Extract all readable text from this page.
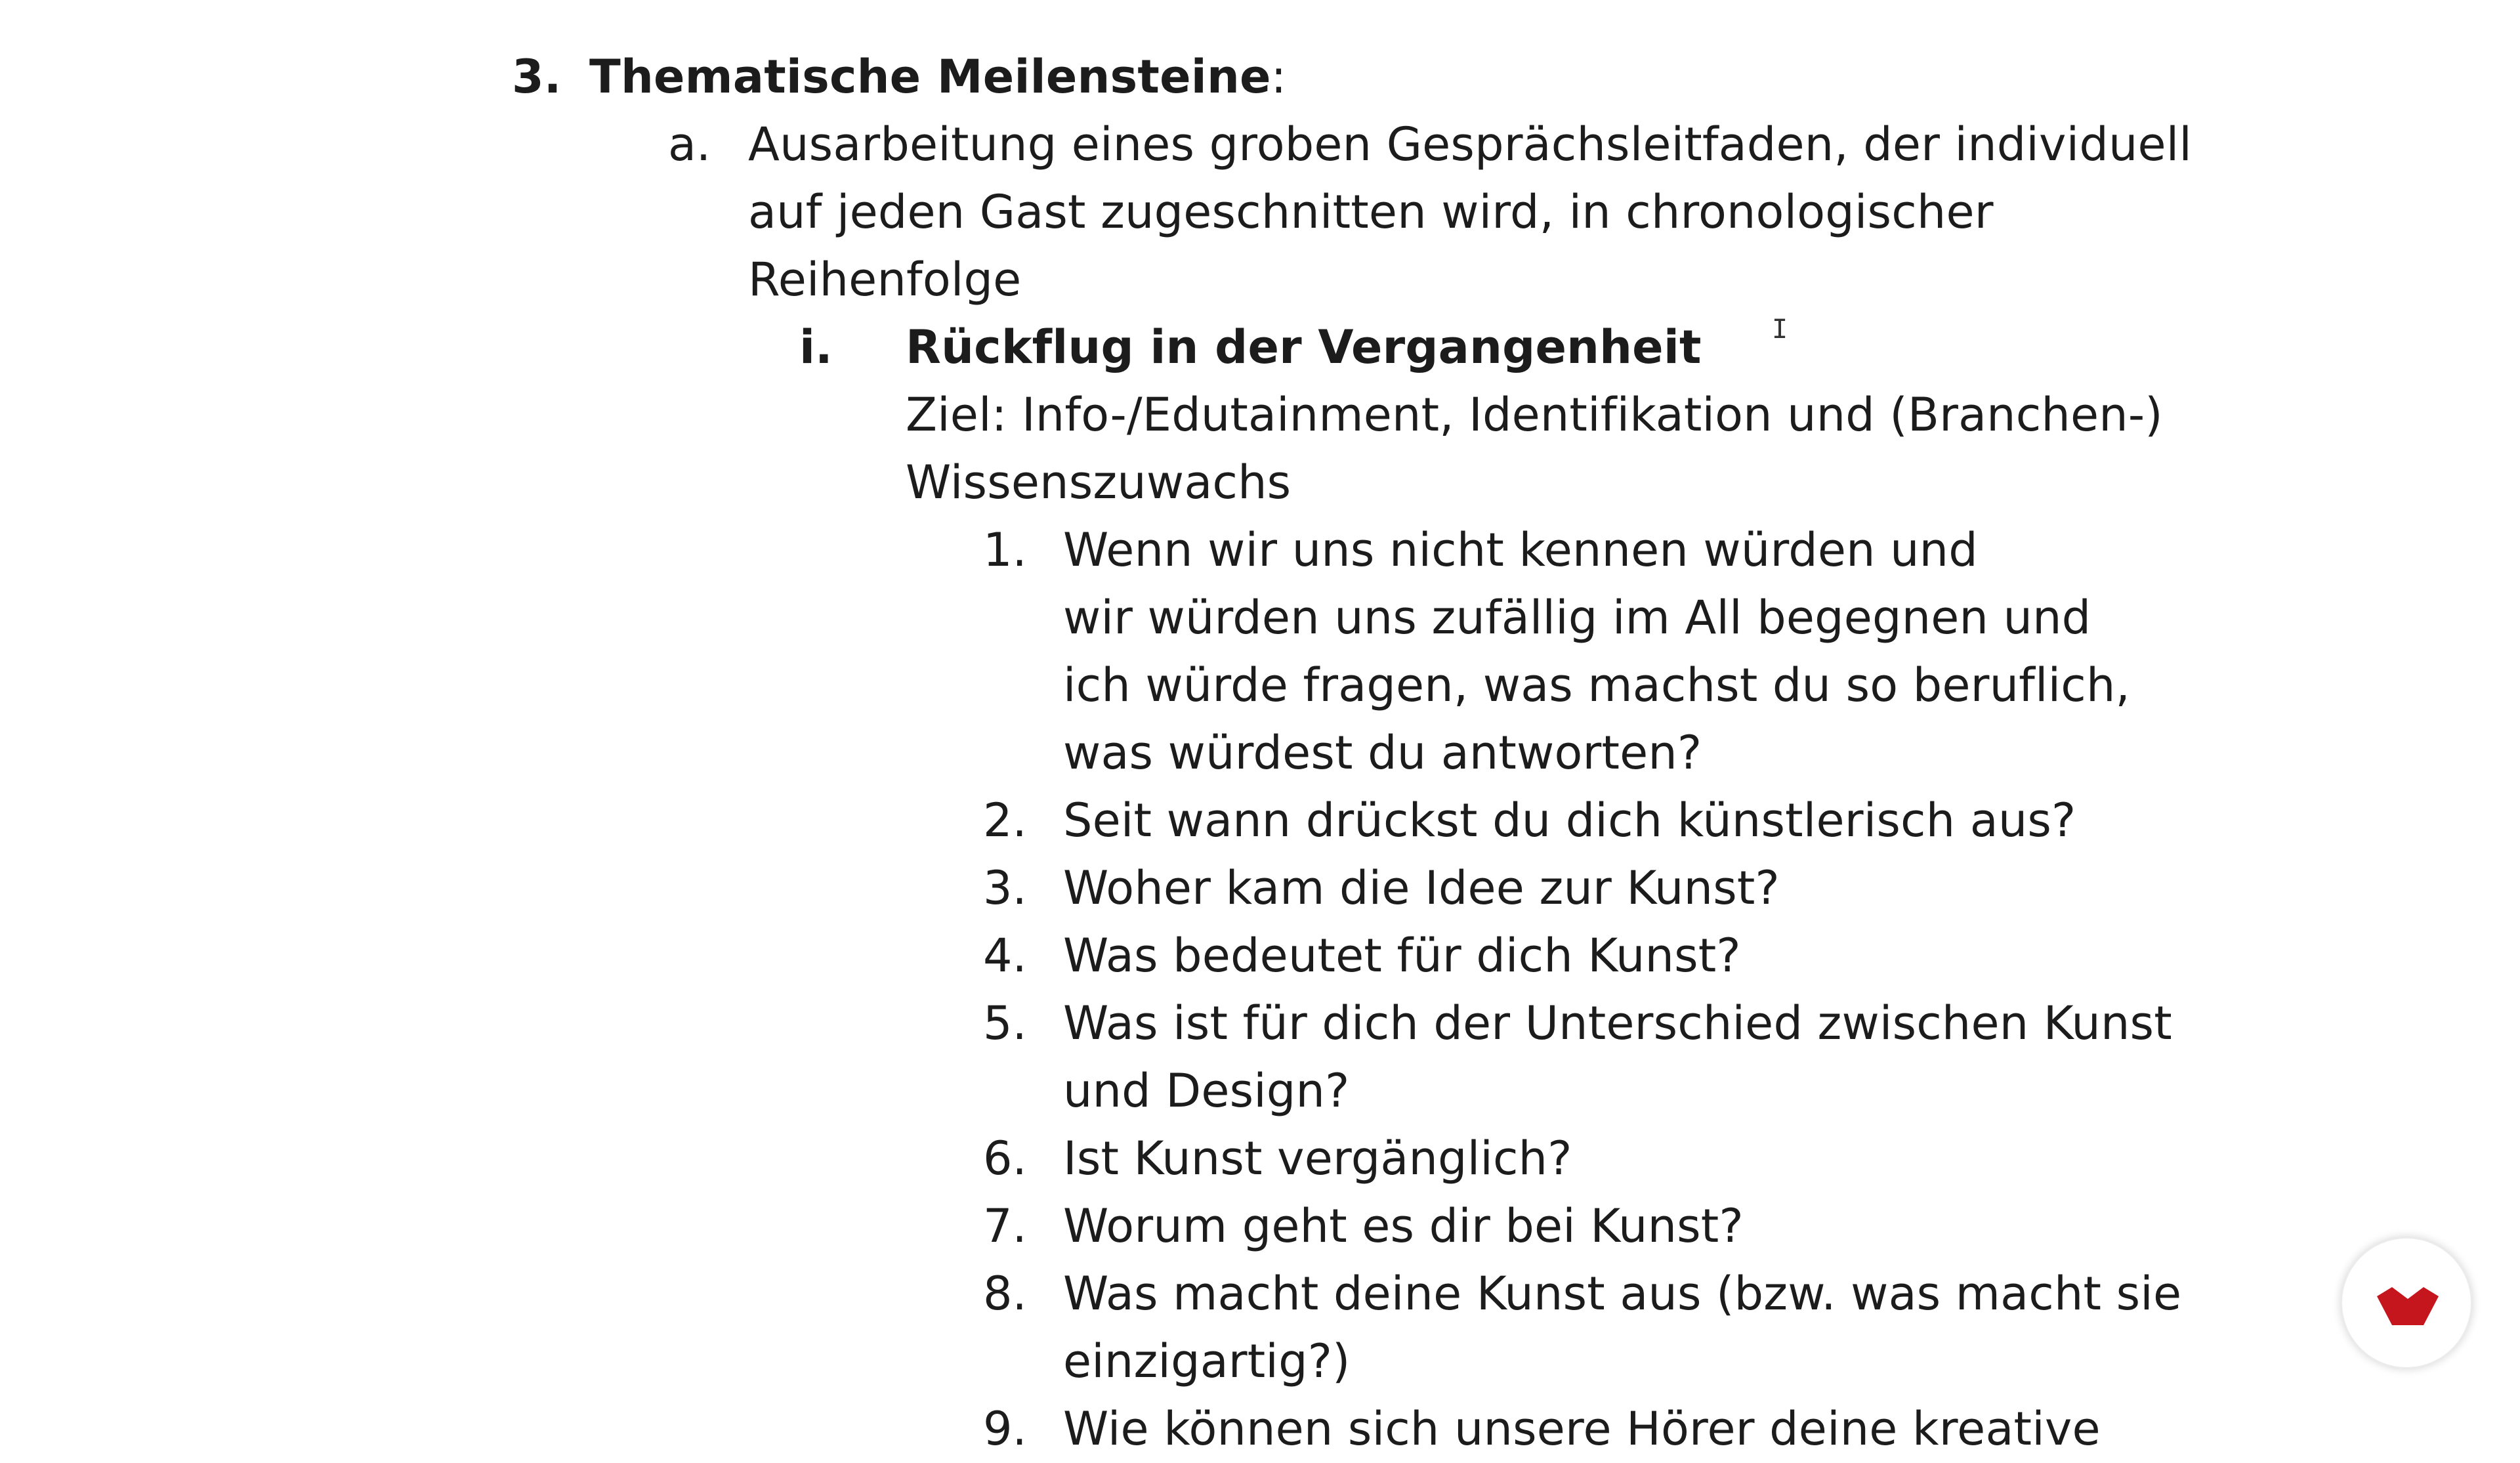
3. Thematische Meilensteine:
a. Ausarbeitung eines groben Gesprächsleitfaden, der individuell
auf jeden Gast zugeschnitten wird, in chronologischer
Reihenfolge
i. Rückflug in der Vergangenheit
Ziel: Info-/Edutainment, Identifikation und (Branchen-)
Wissenszuwachs
1. Wenn wir uns nicht kennen würden und
wir würden uns zufällig im All begegnen und
ich würde fragen, was machst du so beruflich,
was würdest du antworten?
2. Seit wann drückst du dich künstlerisch aus?
3. Woher kam die Idee zur Kunst?
4. Was bedeutet für dich Kunst?
5. Was ist für dich der Unterschied zwischen Kunst
und Design?
6. Ist Kunst vergänglich?
7. Worum geht es dir bei Kunst?
8. Was macht deine Kunst aus (bzw. was macht sie
einzigartig?)
9. Wie können sich unsere Hörer deine kreative
I
